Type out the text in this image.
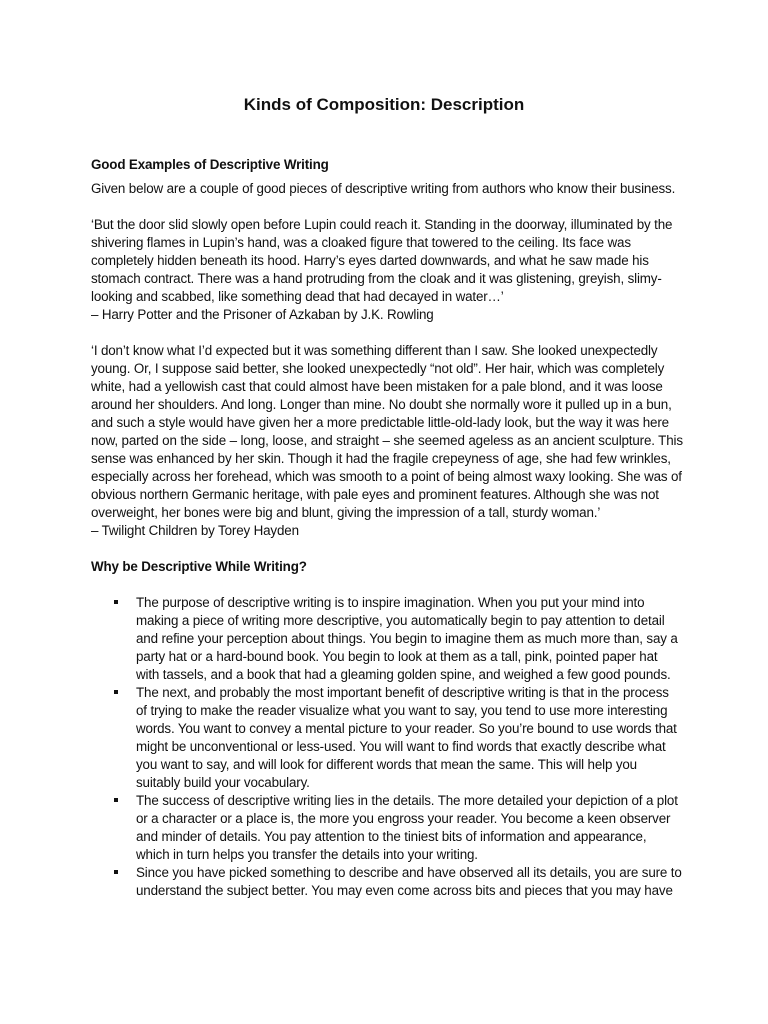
Kinds of Composition: Description

Good Examples of Descriptive Writing

Given below are a couple of good pieces of descriptive writing from authors who know their business.

‘But the door slid slowly open before Lupin could reach it. Standing in the doorway, illuminated by the shivering flames in Lupin’s hand, was a cloaked figure that towered to the ceiling. Its face was completely hidden beneath its hood. Harry’s eyes darted downwards, and what he saw made his stomach contract. There was a hand protruding from the cloak and it was glistening, greyish, slimy-looking and scabbed, like something dead that had decayed in water…’

– Harry Potter and the Prisoner of Azkaban by J.K. Rowling

‘I don’t know what I’d expected but it was something different than I saw. She looked unexpectedly young. Or, I suppose said better, she looked unexpectedly “not old”. Her hair, which was completely white, had a yellowish cast that could almost have been mistaken for a pale blond, and it was loose around her shoulders. And long. Longer than mine. No doubt she normally wore it pulled up in a bun, and such a style would have given her a more predictable little-old-lady look, but the way it was here now, parted on the side – long, loose, and straight – she seemed ageless as an ancient sculpture. This sense was enhanced by her skin. Though it had the fragile crepeyness of age, she had few wrinkles, especially across her forehead, which was smooth to a point of being almost waxy looking. She was of obvious northern Germanic heritage, with pale eyes and prominent features. Although she was not overweight, her bones were big and blunt, giving the impression of a tall, sturdy woman.’

– Twilight Children by Torey Hayden

Why be Descriptive While Writing?

The purpose of descriptive writing is to inspire imagination. When you put your mind into making a piece of writing more descriptive, you automatically begin to pay attention to detail and refine your perception about things. You begin to imagine them as much more than, say a party hat or a hard-bound book. You begin to look at them as a tall, pink, pointed paper hat with tassels, and a book that had a gleaming golden spine, and weighed a few good pounds.
The next, and probably the most important benefit of descriptive writing is that in the process of trying to make the reader visualize what you want to say, you tend to use more interesting words. You want to convey a mental picture to your reader. So you’re bound to use words that might be unconventional or less-used. You will want to find words that exactly describe what you want to say, and will look for different words that mean the same. This will help you suitably build your vocabulary.
The success of descriptive writing lies in the details. The more detailed your depiction of a plot or a character or a place is, the more you engross your reader. You become a keen observer and minder of details. You pay attention to the tiniest bits of information and appearance, which in turn helps you transfer the details into your writing.
Since you have picked something to describe and have observed all its details, you are sure to understand the subject better. You may even come across bits and pieces that you may have
